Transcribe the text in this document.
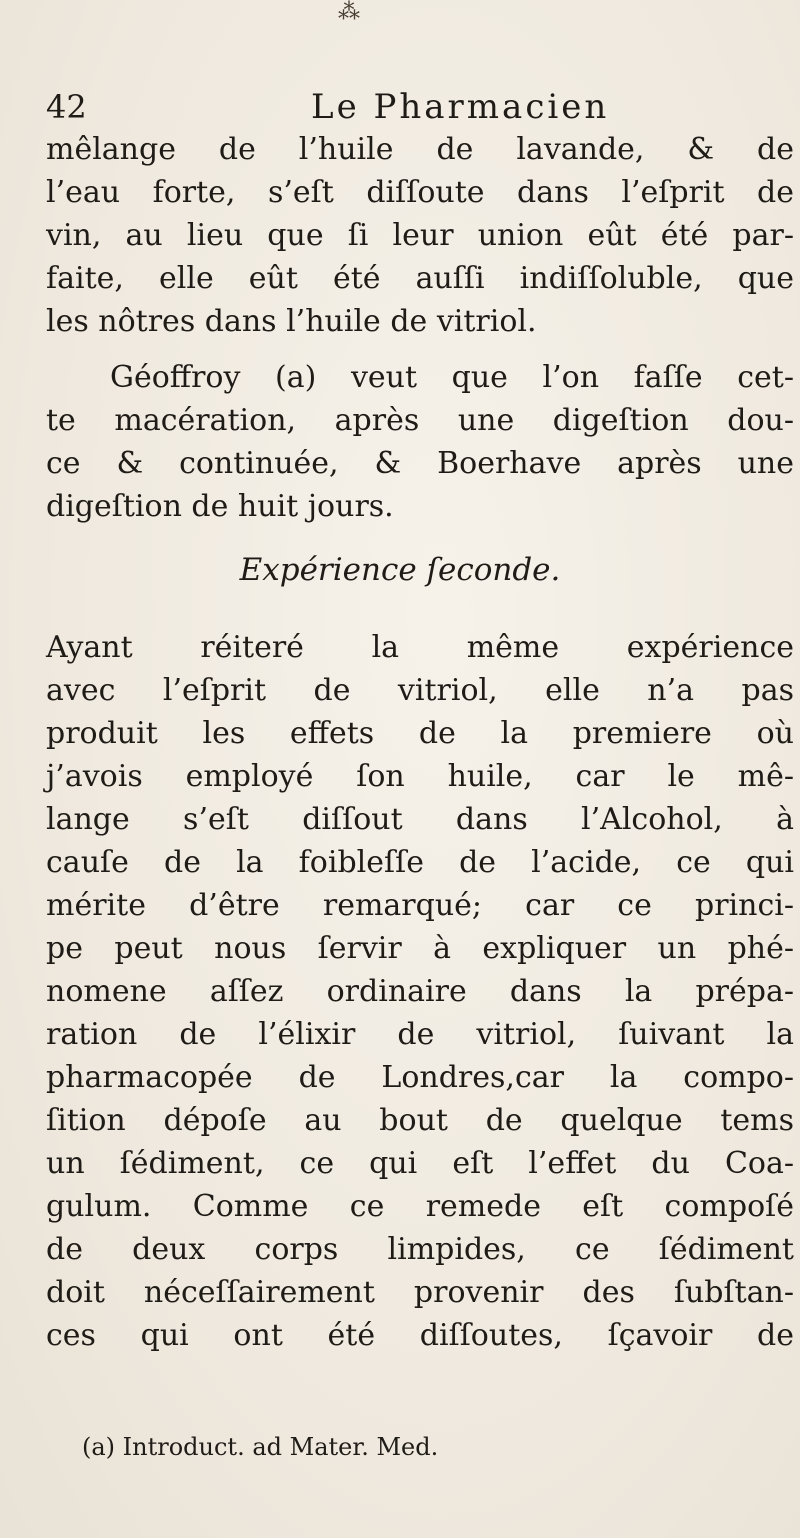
⁂
42	Le Pharmacien
mêlange de l’huile de lavande, & de
l’eau forte, s’eſt diſſoute dans l’eſprit de
vin, au lieu que ſi leur union eût été par-
faite, elle eût été auſſi indiſſoluble, que
les nôtres dans l’huile de vitriol.
Géoffroy (a) veut que l’on faſſe cet-
te macération, après une digeſtion dou-
ce & continuée, & Boerhave après une
digeſtion de huit jours.
Expérience ſeconde.
Ayant réiteré la même expérience
avec l’eſprit de vitriol, elle n’a pas
produit les effets de la premiere où
j’avois employé ſon huile, car le mê-
lange s’eſt diſſout dans l’Alcohol, à
cauſe de la foibleſſe de l’acide, ce qui
mérite d’être remarqué; car ce princi-
pe peut nous ſervir à expliquer un phé-
nomene aſſez ordinaire dans la prépa-
ration de l’élixir de vitriol, ſuivant la
pharmacopée de Londres,car la compo-
ſition dépoſe au bout de quelque tems
un ſédiment, ce qui eſt l’effet du Coa-
gulum. Comme ce remede eſt compoſé
de deux corps limpides, ce ſédiment
doit néceſſairement provenir des ſubſtan-
ces qui ont été diſſoutes, ſçavoir de
(a) Introduct. ad Mater. Med.
